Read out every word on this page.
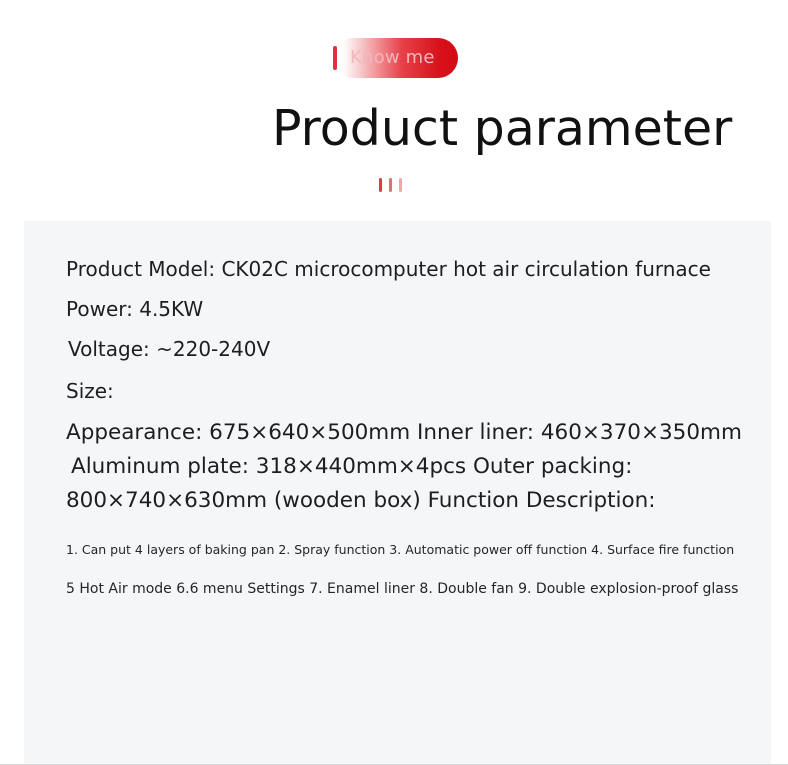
Know me
Product parameter

Product Model: CK02C microcomputer hot air circulation furnace

Power: 4.5KW

Voltage: ~220-240V

Size:

Appearance: 675×640×500mm Inner liner: 460×370×350mm

Aluminum plate: 318×440mm×4pcs Outer packing:

800×740×630mm (wooden box) Function Description:

1. Can put 4 layers of baking pan 2. Spray function 3. Automatic power off function 4. Surface fire function

5 Hot Air mode 6.6 menu Settings 7. Enamel liner 8. Double fan 9. Double explosion-proof glass
